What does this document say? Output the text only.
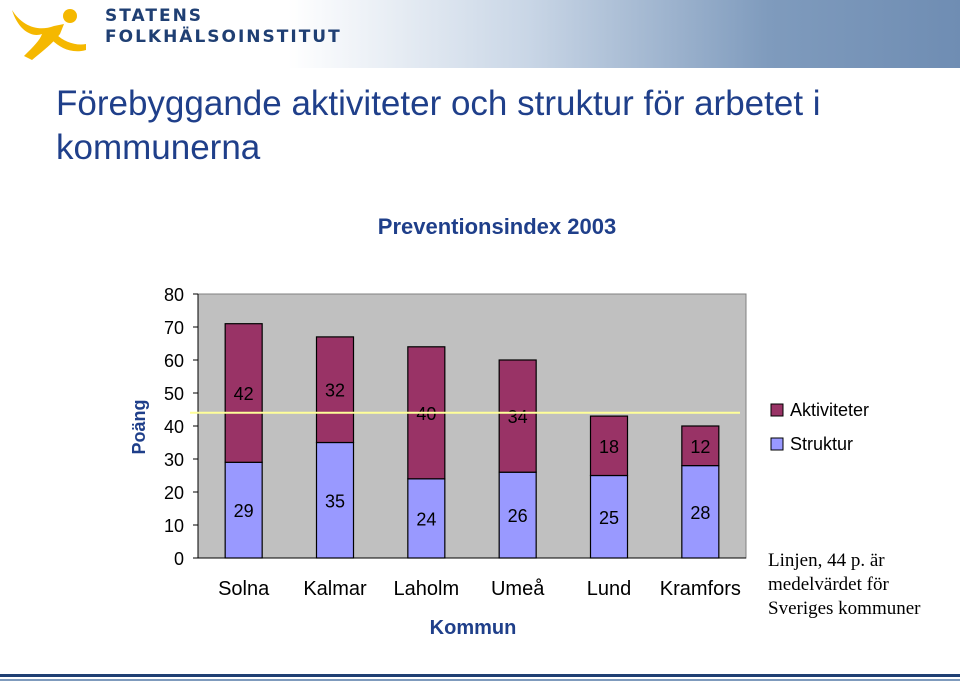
STATENS
FOLKHÄLSOINSTITUT
Förebyggande aktiviteter och struktur för arbetet i kommunerna
Preventionsindex 2003
Poäng
Kommun
0
10
20
30
40
50
60
70
80
29
42
Solna
35
32
Kalmar
24
40
Laholm
26
34
Umeå
25
18
Lund
28
12
Kramfors
Aktiviteter
Struktur
Linjen, 44 p. är medelvärdet för Sveriges kommuner
